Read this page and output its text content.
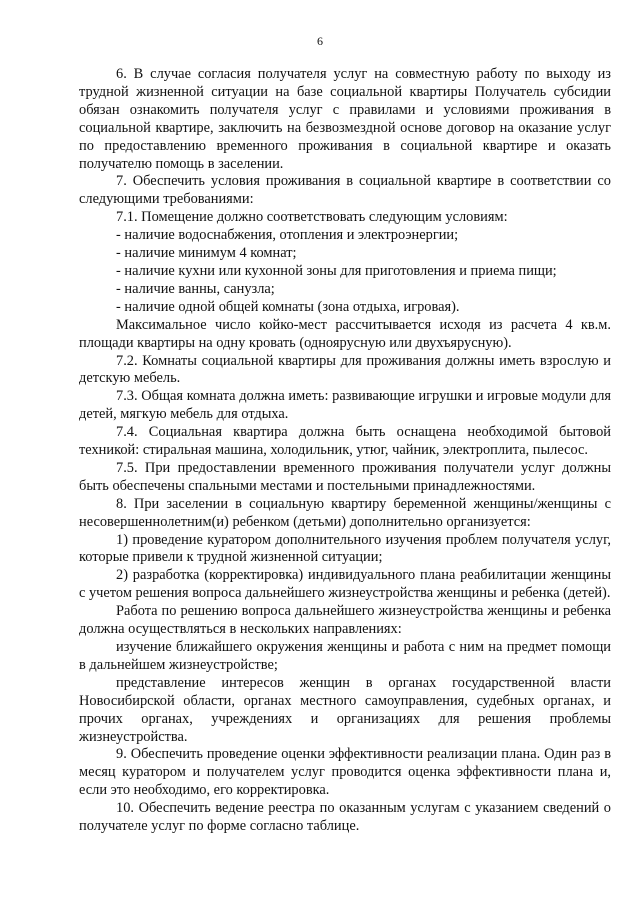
6

6. В случае согласия получателя услуг на совместную работу по выходу из трудной жизненной ситуации на базе социальной квартиры Получатель субсидии обязан ознакомить получателя услуг с правилами и условиями проживания в социальной квартире, заключить на безвозмездной основе договор на оказание услуг по предоставлению временного проживания в социальной квартире и оказать получателю помощь в заселении.

7. Обеспечить условия проживания в социальной квартире в соответствии со следующими требованиями:

7.1. Помещение должно соответствовать следующим условиям:

- наличие водоснабжения, отопления и электроэнергии;

- наличие минимум 4 комнат;

- наличие кухни или кухонной зоны для приготовления и приема пищи;

- наличие ванны, санузла;

- наличие одной общей комнаты (зона отдыха, игровая).

Максимальное число койко-мест рассчитывается исходя из расчета 4 кв.м. площади квартиры на одну кровать (одноярусную или двухъярусную).

7.2. Комнаты социальной квартиры для проживания должны иметь взрослую и детскую мебель.

7.3. Общая комната должна иметь: развивающие игрушки и игровые модули для детей, мягкую мебель для отдыха.

7.4. Социальная квартира должна быть оснащена необходимой бытовой техникой: стиральная машина, холодильник, утюг, чайник, электроплита, пылесос.

7.5. При предоставлении временного проживания получатели услуг должны быть обеспечены спальными местами и постельными принадлежностями.

8. При заселении в социальную квартиру беременной женщины/женщины с несовершеннолетним(и) ребенком (детьми) дополнительно организуется:

1) проведение куратором дополнительного изучения проблем получателя услуг, которые привели к трудной жизненной ситуации;

2) разработка (корректировка) индивидуального плана реабилитации женщины с учетом решения вопроса дальнейшего жизнеустройства женщины и ребенка (детей).

Работа по решению вопроса дальнейшего жизнеустройства женщины и ребенка должна осуществляться в нескольких направлениях:

изучение ближайшего окружения женщины и работа с ним на предмет помощи в дальнейшем жизнеустройстве;

представление интересов женщин в органах государственной власти Новосибирской области, органах местного самоуправления, судебных органах, и прочих органах, учреждениях и организациях для решения проблемы жизнеустройства.

9. Обеспечить проведение оценки эффективности реализации плана. Один раз в месяц куратором и получателем услуг проводится оценка эффективности плана и, если это необходимо, его корректировка.

10. Обеспечить ведение реестра по оказанным услугам с указанием сведений о получателе услуг по форме согласно таблице.
